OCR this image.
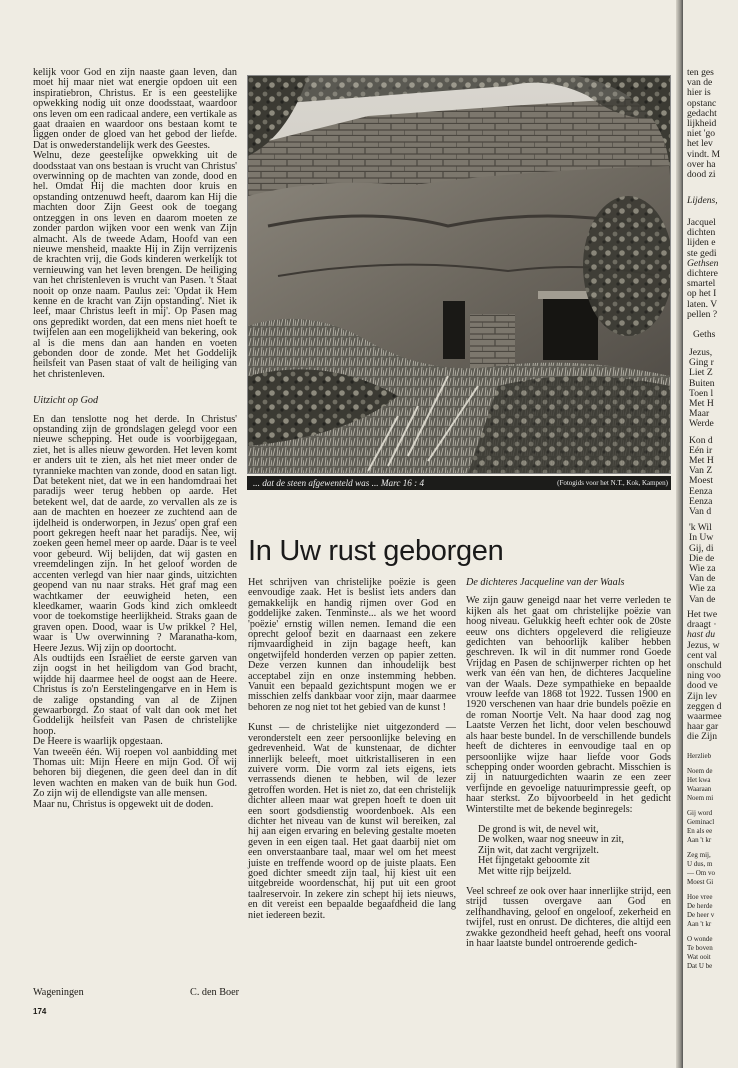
kelijk voor God en zijn naaste gaan leven, dan moet hij maar niet wat energie opdoen uit een inspiratiebron, Christus. Er is een geestelijke opwekking nodig uit onze doodsstaat, waardoor ons leven om een radicaal andere, een vertikale as gaat draaien en waardoor ons bestaan komt te liggen onder de gloed van het gebod der liefde. Dat is onwederstandelijk werk des Geestes.

Welnu, deze geestelijke opwekking uit de doodsstaat van ons bestaan is vrucht van Christus' overwinning op de machten van zonde, dood en hel. Omdat Hij die machten door kruis en opstanding ontzenuwd heeft, daarom kan Hij die machten door Zijn Geest ook de toegang ontzeggen in ons leven en daarom moeten ze zonder pardon wijken voor een wenk van Zijn almacht. Als de tweede Adam, Hoofd van een nieuwe mensheid, maakte Hij in Zijn verrijzenis de krachten vrij, die Gods kinderen werkelijk tot vernieuwing van het leven brengen. De heiliging van het christenleven is vrucht van Pasen. 't Staat nooit op onze naam. Paulus zei: 'Opdat ik Hem kenne en de kracht van Zijn opstanding'. Niet ik leef, maar Christus leeft in mij'. Op Pasen mag ons gepredikt worden, dat een mens niet hoeft te twijfelen aan een mogelijkheid van bekering, ook al is die mens dan aan handen en voeten gebonden door de zonde. Met het Goddelijk heilsfeit van Pasen staat of valt de heiliging van het christenleven.

Uitzicht op God

En dan tenslotte nog het derde. In Christus' opstanding zijn de grondslagen gelegd voor een nieuwe schepping. Het oude is voorbijgegaan, ziet, het is alles nieuw geworden. Het leven komt er anders uit te zien, als het niet meer onder de tyrannieke machten van zonde, dood en satan ligt.

Dat betekent niet, dat we in een handomdraai het paradijs weer terug hebben op aarde. Het betekent wel, dat de aarde, zo vervallen als ze is aan de machten en hoezeer ze zuchtend aan de ijdelheid is onderworpen, in Jezus' open graf een poort gekregen heeft naar het paradijs. Nee, wij zoeken geen hemel meer op aarde. Daar is te veel voor gebeurd. Wij belijden, dat wij gasten en vreemdelingen zijn. In het geloof worden de accenten verlegd van hier naar ginds, uitzichten geopend van nu naar straks. Het graf mag een wachtkamer der eeuwigheid heten, een kleedkamer, waarin Gods kind zich omkleedt voor de toekomstige heerlijkheid. Straks gaan de graven open. Dood, waar is Uw prikkel ? Hel, waar is Uw overwinning ? Maranatha-kom, Heere Jezus. Wij zijn op doortocht.

Als oudtijds een Israëliet de eerste garven van zijn oogst in het heiligdom van God bracht, wijdde hij daarmee heel de oogst aan de Heere. Christus is zo'n Eerstelingengarve en in Hem is de zalige opstanding van al de Zijnen gewaarborgd. Zo staat of valt dan ook met het Goddelijk heilsfeit van Pasen de christelijke hoop.

De Heere is waarlijk opgestaan.

Van tweeën één. Wij roepen vol aanbidding met Thomas uit: Mijn Heere en mijn God. Of wij behoren bij diegenen, die geen deel dan in dit leven wachten en maken van de buik hun God. Zo zijn wij de ellendigste van alle mensen.

Maar nu, Christus is opgewekt uit de doden.

... dat de steen afgewenteld was ... Marc 16 : 4	(Fotogids voor het N.T., Kok, Kampen)
In Uw rust geborgen

Het schrijven van christelijke poëzie is geen eenvoudige zaak. Het is beslist iets anders dan gemakkelijk en handig rijmen over God en goddelijke zaken. Tenminste... als we het woord 'poëzie' ernstig willen nemen. Iemand die een oprecht geloof bezit en daarnaast een zekere rijmvaardigheid in zijn bagage heeft, kan ongetwijfeld honderden verzen op papier zetten. Deze verzen kunnen dan inhoudelijk best acceptabel zijn en onze instemming hebben. Vanuit een bepaald gezichtspunt mogen we er misschien zelfs dankbaar voor zijn, maar daarmee behoren ze nog niet tot het gebied van de kunst !

Kunst — de christelijke niet uitgezonderd — veronderstelt een zeer persoonlijke beleving en gedrevenheid. Wat de kunstenaar, de dichter innerlijk beleeft, moet uitkristalliseren in een zuivere vorm. Die vorm zal iets eigens, iets verrassends dienen te hebben, wil de lezer getroffen worden. Het is niet zo, dat een christelijk dichter alleen maar wat grepen hoeft te doen uit een soort godsdienstig woordenboek. Als een dichter het niveau van de kunst wil bereiken, zal hij aan eigen ervaring en beleving gestalte moeten geven in een eigen taal. Het gaat daarbij niet om een onverstaanbare taal, maar wel om het meest juiste en treffende woord op de juiste plaats. Een goed dichter smeedt zijn taal, hij kiest uit een uitgebreide woordenschat, hij put uit een groot taalreservoir. In zekere zin schept hij iets nieuws, en dit vereist een bepaalde begaafdheid die lang niet iedereen bezit.

De dichteres Jacqueline van der Waals

We zijn gauw geneigd naar het verre verleden te kijken als het gaat om christelijke poëzie van hoog niveau. Gelukkig heeft echter ook de 20ste eeuw ons dichters opgeleverd die religieuze gedichten van behoorlijk kaliber hebben geschreven. Ik wil in dit nummer rond Goede Vrijdag en Pasen de schijnwerper richten op het werk van één van hen, de dichteres Jacqueline van der Waals. Deze sympathieke en bepaalde vrouw leefde van 1868 tot 1922. Tussen 1900 en 1920 verschenen van haar drie bundels poëzie en de roman Noortje Velt. Na haar dood zag nog Laatste Verzen het licht, door velen beschouwd als haar beste bundel. In de verschillende bundels heeft de dichteres in eenvoudige taal en op persoonlijke wijze haar liefde voor Gods schepping onder woorden gebracht. Misschien is zij in natuurgedichten waarin ze een zeer verfijnde en gevoelige natuurimpressie geeft, op haar sterkst. Zo bijvoorbeeld in het gedicht Winterstilte met de bekende beginregels:

De grond is wit, de nevel wit,
De wolken, waar nog sneeuw in zit,
Zijn wit, dat zacht vergrijzelt.
Het fijngetakt geboomte zit
Met witte rijp beijzeld.

Veel schreef ze ook over haar innerlijke strijd, een strijd tussen overgave aan God en zelfhandhaving, geloof en ongeloof, zekerheid en twijfel, rust en onrust. De dichteres, die altijd een zwakke gezondheid heeft gehad, heeft ons vooral in haar laatste bundel ontroerende gedich-

Wageningen	C. den Boer
174
ten ges
van de
hier is
opstanc
gedacht
lijkheid
niet 'go
het lev
vindt. M
over ha
dood zi
Lijdens,
Jacquel
dichten
lijden e
ste gedi
Gethsen
dichtere
smartel
op het I
laten. V
pellen ?
Geths
Jezus,
Ging r
Liet Z
Buiten
Toen l
Met H
Maar
Werde
Kon d
Eén ir
Met H
Van Z
Moest
Eenza
Eenza
Van d
'k Wil
In Uw
Gij, di
Die de
Wie za
Van de
Wie za
Van de
Het twe
draagt ·
hast du
Jezus, w
cent val
onschuld
ning voo
dood ve
Zijn lev
zeggen d
waarmee
haar gar
die Zijn
Herzlieb
Noem de
Het kwa
Waaraan
Noem mi
Gij word
Geminacl
En als ee
Aan 't kr
Zeg mij,
U dus, m
— Om vo
Moest Gi
Hoe vree
De herde
De heer v
Aan 't kr
O wonde
Te boven
Wat ooit
Dat U be
